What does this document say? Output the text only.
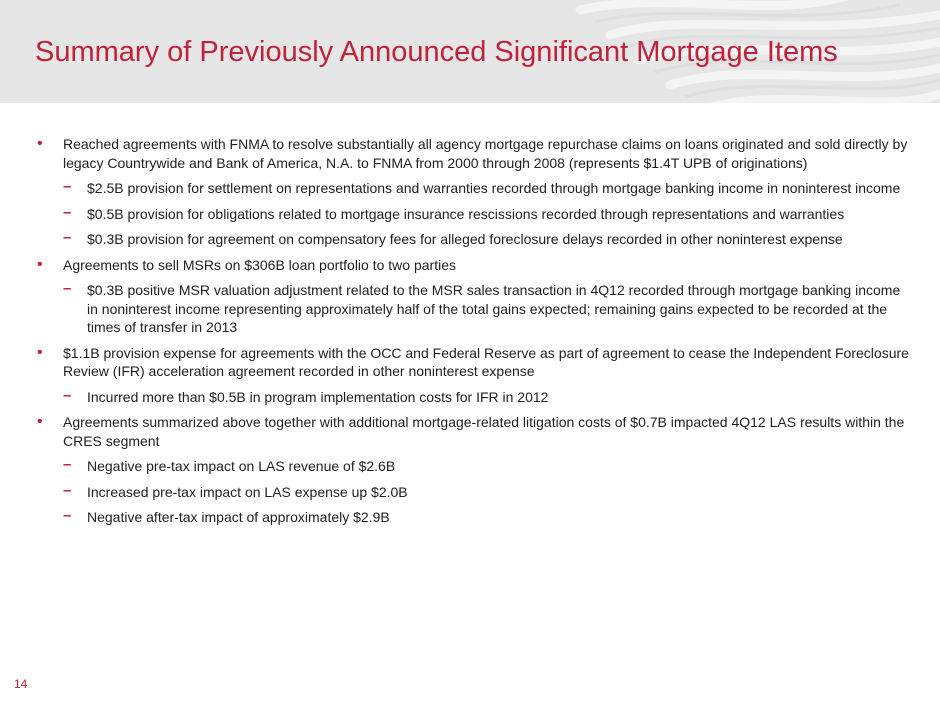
Summary of Previously Announced Significant Mortgage Items
• Reached agreements with FNMA to resolve substantially all agency mortgage repurchase claims on loans originated and sold directly by legacy Countrywide and Bank of America, N.A. to FNMA from 2000 through 2008 (represents $1.4T UPB of originations)
– $2.5B provision for settlement on representations and warranties recorded through mortgage banking income in noninterest income
– $0.5B provision for obligations related to mortgage insurance rescissions recorded through representations and warranties
– $0.3B provision for agreement on compensatory fees for alleged foreclosure delays recorded in other noninterest expense
• Agreements to sell MSRs on $306B loan portfolio to two parties
– $0.3B positive MSR valuation adjustment related to the MSR sales transaction in 4Q12 recorded through mortgage banking income in noninterest income representing approximately half of the total gains expected; remaining gains expected to be recorded at the times of transfer in 2013
• $1.1B provision expense for agreements with the OCC and Federal Reserve as part of agreement to cease the Independent Foreclosure Review (IFR) acceleration agreement recorded in other noninterest expense
– Incurred more than $0.5B in program implementation costs for IFR in 2012
• Agreements summarized above together with additional mortgage-related litigation costs of $0.7B impacted 4Q12 LAS results within the CRES segment
– Negative pre-tax impact on LAS revenue of $2.6B
– Increased pre-tax impact on LAS expense up $2.0B
– Negative after-tax impact of approximately $2.9B
14
